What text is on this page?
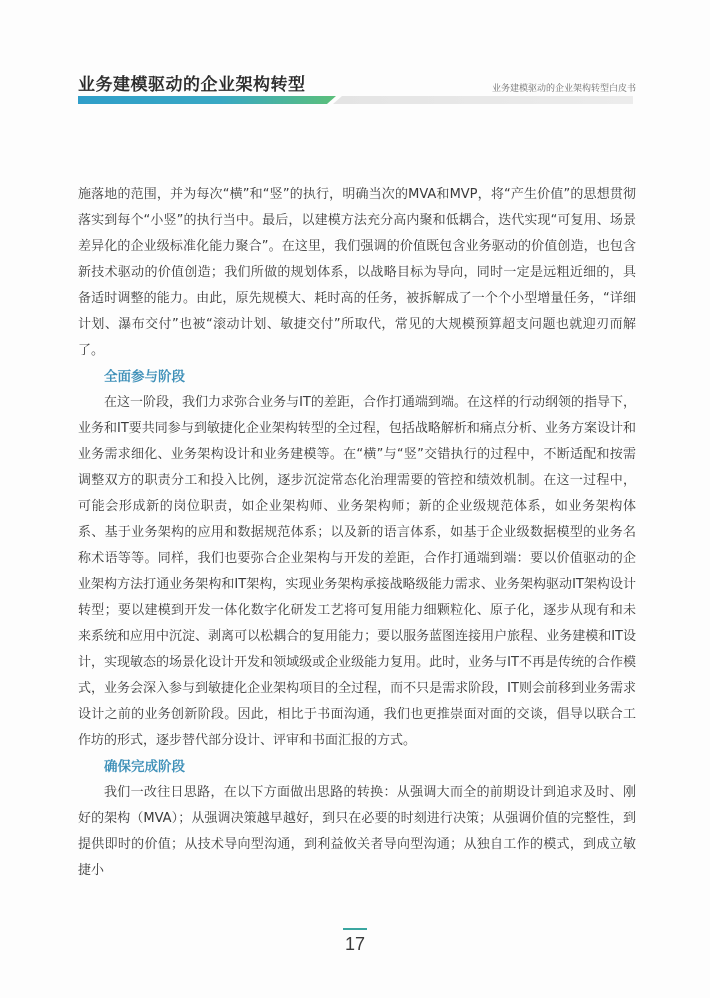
业务建模驱动的企业架构转型	业务建模驱动的企业架构转型白皮书

施落地的范围，并为每次“横”和“竖”的执行，明确当次的MVA和MVP，将“产生价值”的思想贯彻落实到每个“小竖”的执行当中。最后，以建模方法充分高内聚和低耦合，迭代实现“可复用、场景差异化的企业级标准化能力聚合”。在这里，我们强调的价值既包含业务驱动的价值创造，也包含新技术驱动的价值创造；我们所做的规划体系，以战略目标为导向，同时一定是远粗近细的，具备适时调整的能力。由此，原先规模大、耗时高的任务，被拆解成了一个个小型增量任务，“详细计划、瀑布交付”也被“滚动计划、敏捷交付”所取代，常见的大规模预算超支问题也就迎刃而解了。

全面参与阶段

在这一阶段，我们力求弥合业务与IT的差距，合作打通端到端。在这样的行动纲领的指导下，业务和IT要共同参与到敏捷化企业架构转型的全过程，包括战略解析和痛点分析、业务方案设计和业务需求细化、业务架构设计和业务建模等。在“横”与“竖”交错执行的过程中，不断适配和按需调整双方的职责分工和投入比例，逐步沉淀常态化治理需要的管控和绩效机制。在这一过程中，可能会形成新的岗位职责，如企业架构师、业务架构师；新的企业级规范体系，如业务架构体系、基于业务架构的应用和数据规范体系；以及新的语言体系，如基于企业级数据模型的业务名称术语等等。同样，我们也要弥合企业架构与开发的差距，合作打通端到端：要以价值驱动的企业架构方法打通业务架构和IT架构，实现业务架构承接战略级能力需求、业务架构驱动IT架构设计转型；要以建模到开发一体化数字化研发工艺将可复用能力细颗粒化、原子化，逐步从现有和未来系统和应用中沉淀、剥离可以松耦合的复用能力；要以服务蓝图连接用户旅程、业务建模和IT设计，实现敏态的场景化设计开发和领域级或企业级能力复用。此时，业务与IT不再是传统的合作模式，业务会深入参与到敏捷化企业架构项目的全过程，而不只是需求阶段，IT则会前移到业务需求设计之前的业务创新阶段。因此，相比于书面沟通，我们也更推崇面对面的交谈，倡导以联合工作坊的形式，逐步替代部分设计、评审和书面汇报的方式。

确保完成阶段

我们一改往日思路，在以下方面做出思路的转换：从强调大而全的前期设计到追求及时、刚好的架构（MVA）；从强调决策越早越好，到只在必要的时刻进行决策；从强调价值的完整性，到提供即时的价值；从技术导向型沟通，到利益攸关者导向型沟通；从独自工作的模式，到成立敏捷小

17
